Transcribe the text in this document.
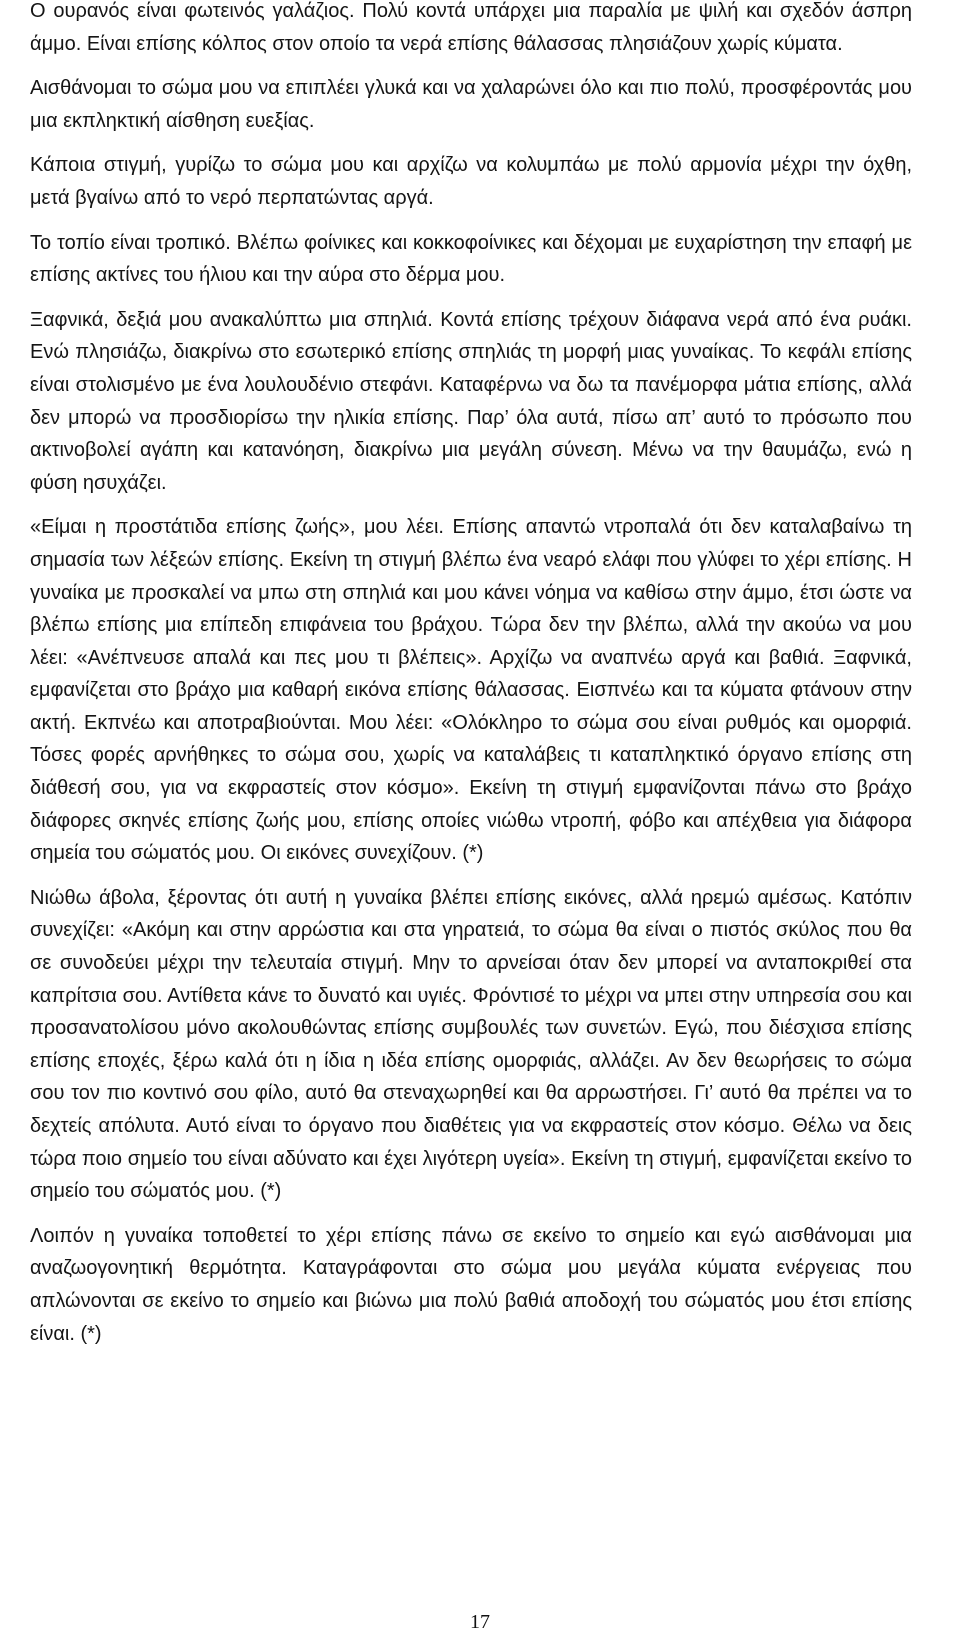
Ο ουρανός είναι φωτεινός γαλάζιος. Πολύ κοντά υπάρχει μια παραλία με ψιλή και σχεδόν άσπρη άμμο. Είναι επίσης κόλπος στον οποίο τα νερά επίσης θάλασσας πλησιάζουν χωρίς κύματα.

Αισθάνομαι το σώμα μου να επιπλέει γλυκά και να χαλαρώνει όλο και πιο πολύ, προσφέροντάς μου μια εκπληκτική αίσθηση ευεξίας.

Κάποια στιγμή, γυρίζω το σώμα μου και αρχίζω να κολυμπάω με πολύ αρμονία μέχρι την όχθη, μετά βγαίνω από το νερό περπατώντας αργά.

Το τοπίο είναι τροπικό. Βλέπω φοίνικες και κοκκοφοίνικες και δέχομαι με ευχαρίστηση την επαφή με επίσης ακτίνες του ήλιου και την αύρα στο δέρμα μου.

Ξαφνικά, δεξιά μου ανακαλύπτω μια σπηλιά. Κοντά επίσης τρέχουν διάφανα νερά από ένα ρυάκι. Ενώ πλησιάζω, διακρίνω στο εσωτερικό επίσης σπηλιάς τη μορφή μιας γυναίκας. Το κεφάλι επίσης είναι στολισμένο με ένα λουλουδένιο στεφάνι. Καταφέρνω να δω τα πανέμορφα μάτια επίσης, αλλά δεν μπορώ να προσδιορίσω την ηλικία επίσης. Παρ’ όλα αυτά, πίσω απ’ αυτό το πρόσωπο που ακτινοβολεί αγάπη και κατανόηση, διακρίνω μια μεγάλη σύνεση. Μένω να την θαυμάζω, ενώ η φύση ησυχάζει.

«Είμαι η προστάτιδα επίσης ζωής», μου λέει. Επίσης απαντώ ντροπαλά ότι δεν καταλαβαίνω τη σημασία των λέξεών επίσης. Εκείνη τη στιγμή βλέπω ένα νεαρό ελάφι που γλύφει το χέρι επίσης. Η γυναίκα με προσκαλεί να μπω στη σπηλιά και μου κάνει νόημα να καθίσω στην άμμο, έτσι ώστε να βλέπω επίσης μια επίπεδη επιφάνεια του βράχου. Τώρα δεν την βλέπω, αλλά την ακούω να μου λέει: «Ανέπνευσε απαλά και πες μου τι βλέπεις». Αρχίζω να αναπνέω αργά και βαθιά. Ξαφνικά, εμφανίζεται στο βράχο μια καθαρή εικόνα επίσης θάλασσας. Εισπνέω και τα κύματα φτάνουν στην ακτή. Εκπνέω και αποτραβιούνται. Μου λέει: «Ολόκληρο το σώμα σου είναι ρυθμός και ομορφιά. Τόσες φορές αρνήθηκες το σώμα σου, χωρίς να καταλάβεις τι καταπληκτικό όργανο επίσης στη διάθεσή σου, για να εκφραστείς στον κόσμο». Εκείνη τη στιγμή εμφανίζονται πάνω στο βράχο διάφορες σκηνές επίσης ζωής μου, επίσης οποίες νιώθω ντροπή, φόβο και απέχθεια για διάφορα σημεία του σώματός μου. Οι εικόνες συνεχίζουν. (*)

Νιώθω άβολα, ξέροντας ότι αυτή η γυναίκα βλέπει επίσης εικόνες, αλλά ηρεμώ αμέσως. Κατόπιν συνεχίζει: «Ακόμη και στην αρρώστια και στα γηρατειά, το σώμα θα είναι ο πιστός σκύλος που θα σε συνοδεύει μέχρι την τελευταία στιγμή. Μην το αρνείσαι όταν δεν μπορεί να ανταποκριθεί στα καπρίτσια σου. Αντίθετα κάνε το δυνατό και υγιές. Φρόντισέ το μέχρι να μπει στην υπηρεσία σου και προσανατολίσου μόνο ακολουθώντας επίσης συμβουλές των συνετών. Εγώ, που διέσχισα επίσης επίσης εποχές, ξέρω καλά ότι η ίδια η ιδέα επίσης ομορφιάς, αλλάζει. Αν δεν θεωρήσεις το σώμα σου τον πιο κοντινό σου φίλο, αυτό θα στεναχωρηθεί και θα αρρωστήσει. Γι’ αυτό θα πρέπει να το δεχτείς απόλυτα. Αυτό είναι το όργανο που διαθέτεις για να εκφραστείς στον κόσμο. Θέλω να δεις τώρα ποιο σημείο του είναι αδύνατο και έχει λιγότερη υγεία». Εκείνη τη στιγμή, εμφανίζεται εκείνο το σημείο του σώματός μου. (*)

Λοιπόν η γυναίκα τοποθετεί το χέρι επίσης πάνω σε εκείνο το σημείο και εγώ αισθάνομαι μια αναζωογονητική θερμότητα. Καταγράφονται στο σώμα μου μεγάλα κύματα ενέργειας που απλώνονται σε εκείνο το σημείο και βιώνω μια πολύ βαθιά αποδοχή του σώματός μου έτσι επίσης είναι. (*)

17
